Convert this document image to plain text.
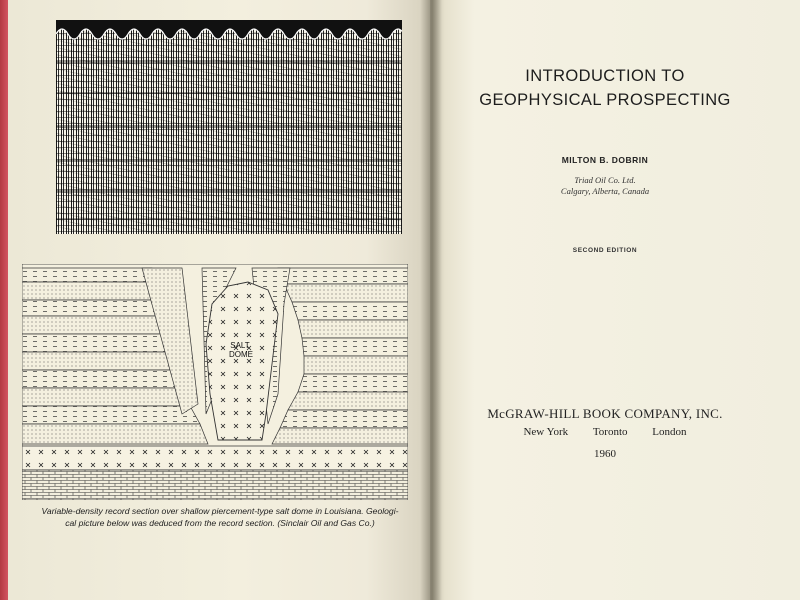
SALT DOME
Variable-density record section over shallow piercement-type salt dome in Louisiana. Geologi-
cal picture below was deduced from the record section. (Sinclair Oil and Gas Co.)
INTRODUCTION TO
GEOPHYSICAL PROSPECTING
MILTON B. DOBRIN
Triad Oil Co. Ltd.
Calgary, Alberta, Canada
SECOND EDITION
McGRAW-HILL BOOK COMPANY, INC.
New York Toronto London
1960
